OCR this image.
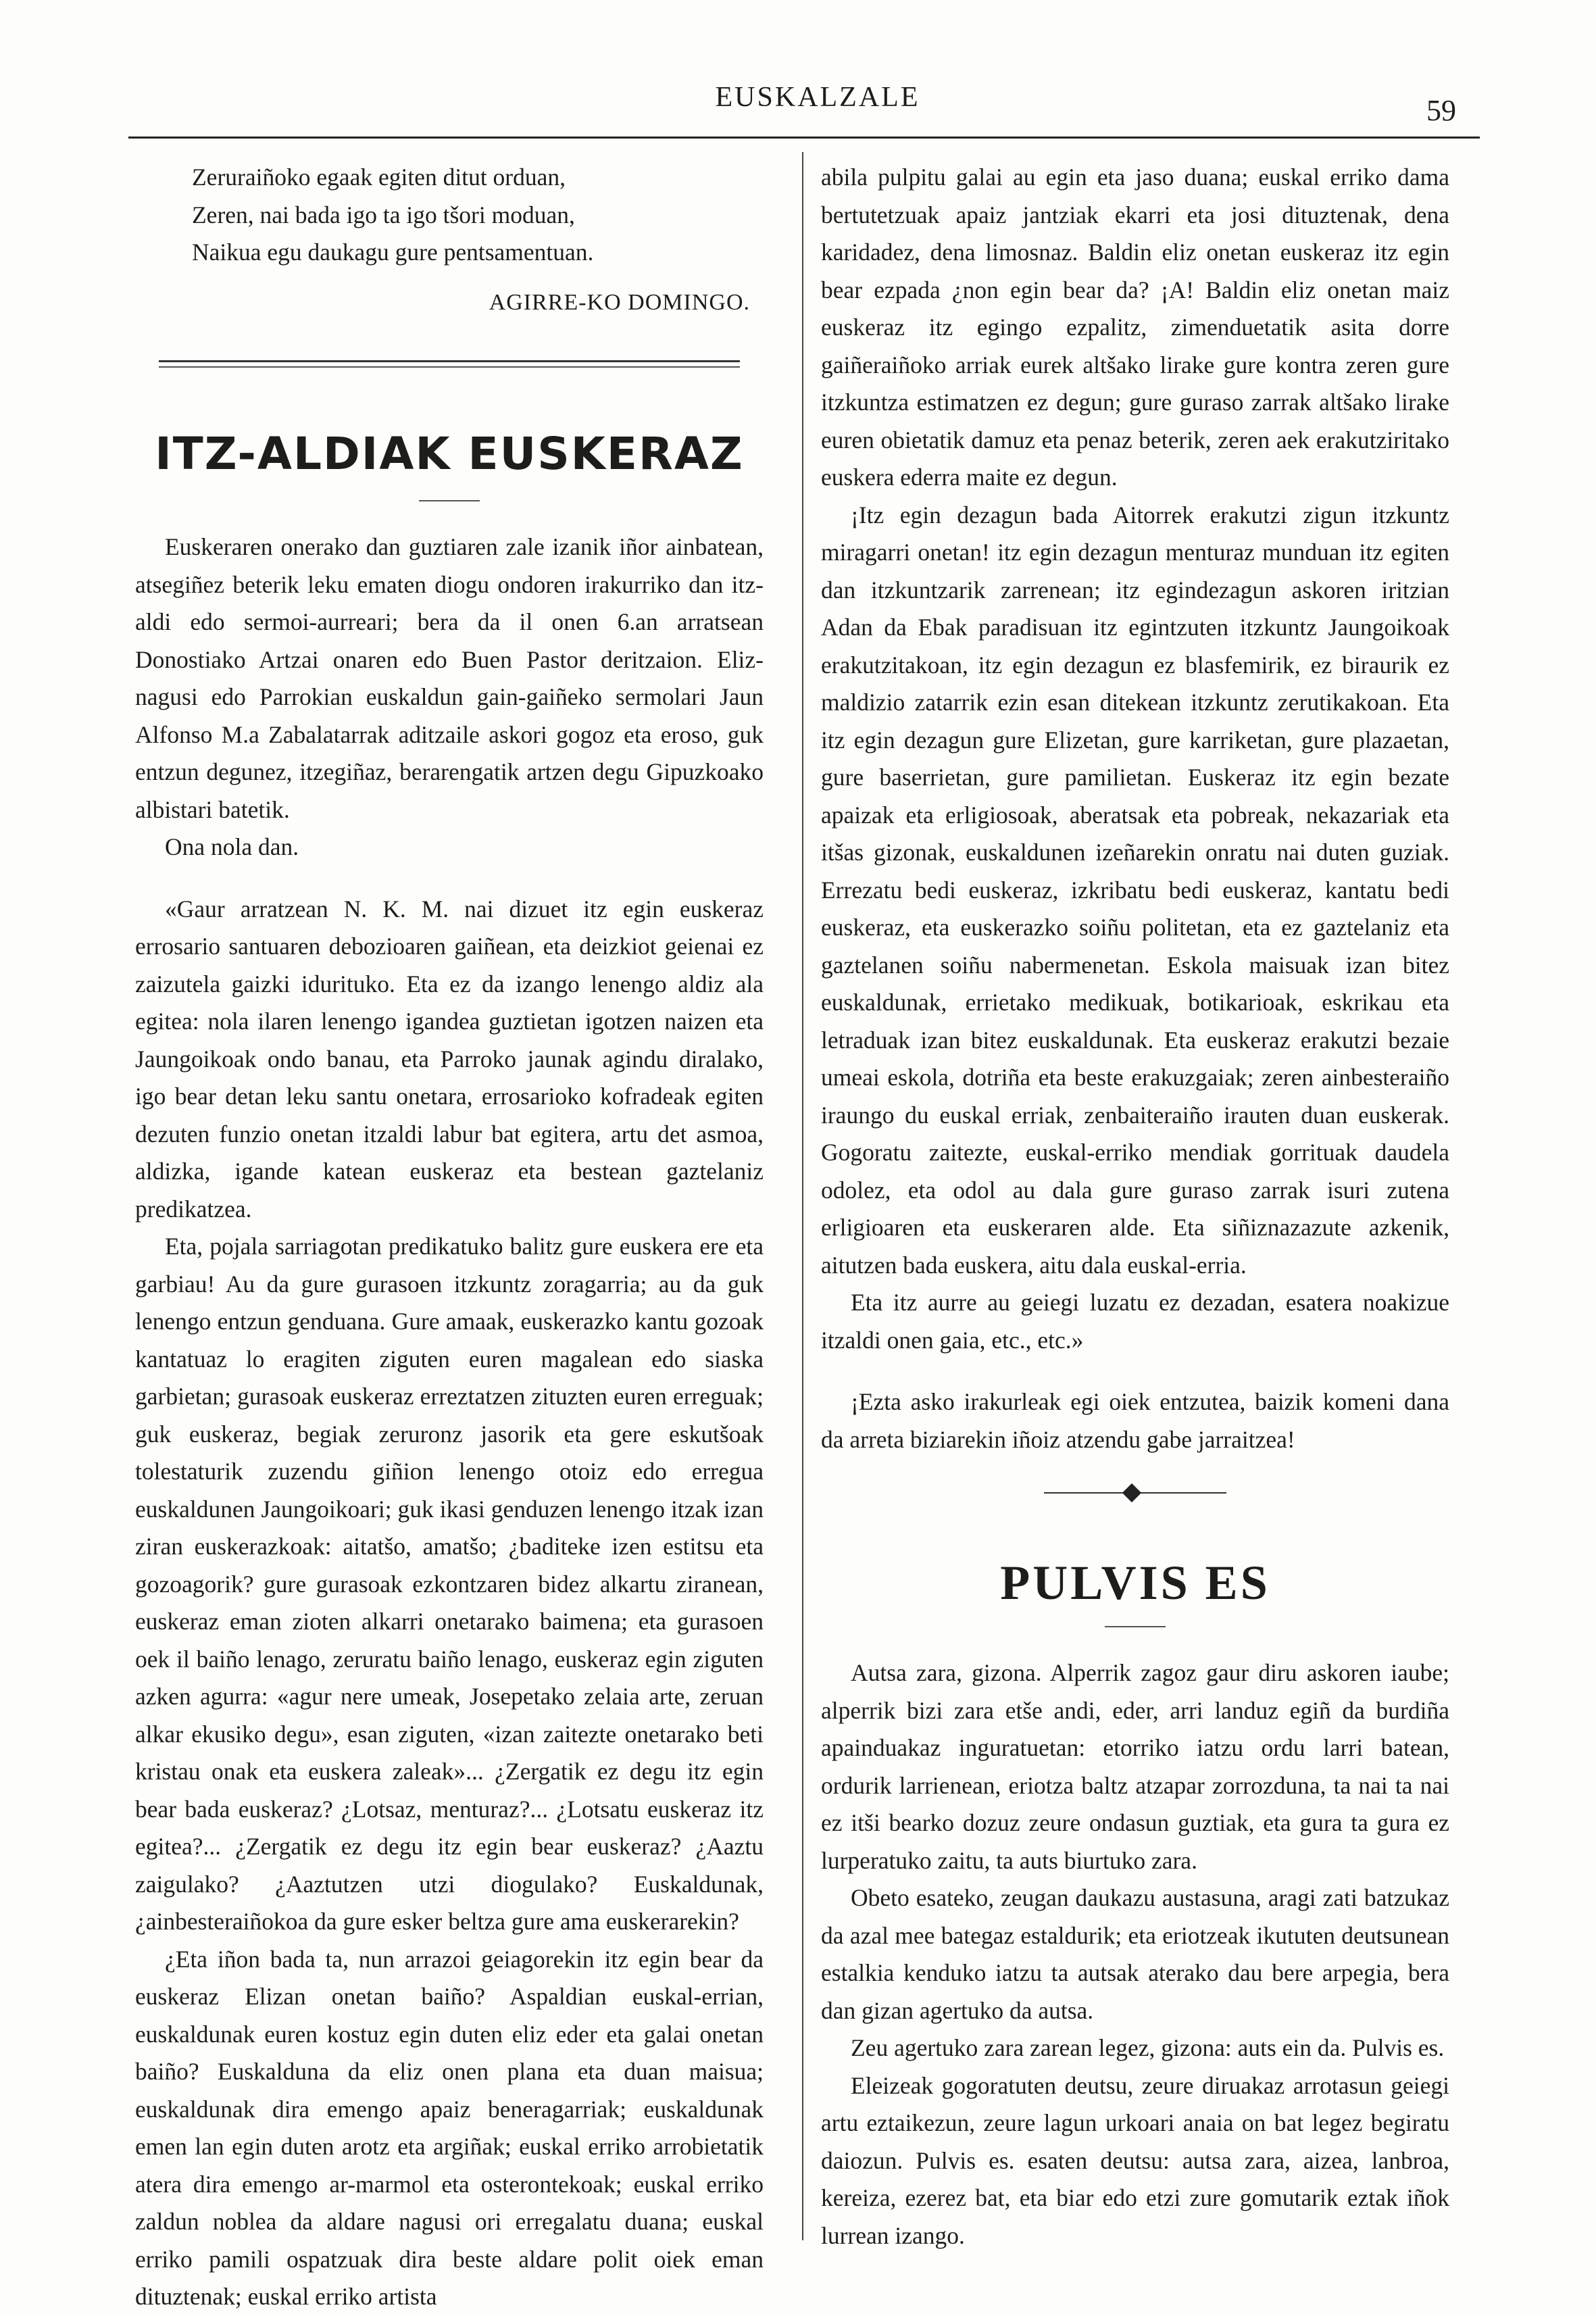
EUSKALZALE	59

Zeruraiñoko egaak egiten ditut orduan,

Zeren, nai bada igo ta igo tšori moduan,

Naikua egu daukagu gure pentsamentuan.

AGIRRE-KO DOMINGO.
ITZ-ALDIAK EUSKERAZ

Euskeraren onerako dan guztiaren zale izanik iñor ainbatean, atsegiñez beterik leku ematen diogu ondoren irakurriko dan itz-aldi edo sermoi-aurreari; bera da il onen 6.an arratsean Donostiako Artzai onaren edo Buen Pastor deritzaion. Eliz-nagusi edo Parrokian euskaldun gain-gaiñeko sermolari Jaun Alfonso M.a Zabalatarrak aditzaile askori gogoz eta eroso, guk entzun degunez, itzegiñaz, berarengatik artzen degu Gipuzkoako albistari batetik.

Ona nola dan.

«Gaur arratzean N. K. M. nai dizuet itz egin euskeraz errosario santuaren debozioaren gaiñean, eta deizkiot geienai ez zaizutela gaizki idurituko. Eta ez da izango lenengo aldiz ala egitea: nola ilaren lenengo igandea guztietan igotzen naizen eta Jaungoikoak ondo banau, eta Parroko jaunak agindu diralako, igo bear detan leku santu onetara, errosarioko kofradeak egiten dezuten funzio onetan itzaldi labur bat egitera, artu det asmoa, aldizka, igande katean euskeraz eta bestean gaztelaniz predikatzea.

Eta, pojala sarriagotan predikatuko balitz gure euskera ere eta garbiau! Au da gure gurasoen itzkuntz zoragarria; au da guk lenengo entzun genduana. Gure amaak, euskerazko kantu gozoak kantatuaz lo eragiten ziguten euren magalean edo siaska garbietan; gurasoak euskeraz erreztatzen zituzten euren erreguak; guk euskeraz, begiak zeruronz jasorik eta gere eskutšoak tolestaturik zuzendu giñion lenengo otoiz edo erregua euskaldunen Jaungoikoari; guk ikasi genduzen lenengo itzak izan ziran euskerazkoak: aitatšo, amatšo; ¿baditeke izen estitsu eta gozoagorik? gure gurasoak ezkontzaren bidez alkartu ziranean, euskeraz eman zioten alkarri onetarako baimena; eta gurasoen oek il baiño lenago, zeruratu baiño lenago, euskeraz egin ziguten azken agurra: «agur nere umeak, Josepetako zelaia arte, zeruan alkar ekusiko degu», esan ziguten, «izan zaitezte onetarako beti kristau onak eta euskera zaleak»... ¿Zergatik ez degu itz egin bear bada euskeraz? ¿Lotsaz, menturaz?... ¿Lotsatu euskeraz itz egitea?... ¿Zergatik ez degu itz egin bear euskeraz? ¿Aaztu zaigulako? ¿Aaztutzen utzi diogulako? Euskaldunak, ¿ainbesteraiñokoa da gure esker beltza gure ama euskerarekin?

¿Eta iñon bada ta, nun arrazoi geiagorekin itz egin bear da euskeraz Elizan onetan baiño? Aspaldian euskal-errian, euskaldunak euren kostuz egin duten eliz eder eta galai onetan baiño? Euskalduna da eliz onen plana eta duan maisua; euskaldunak dira emengo apaiz beneragarriak; euskaldunak emen lan egin duten arotz eta argiñak; euskal erriko arrobietatik atera dira emengo ar-marmol eta osterontekoak; euskal erriko zaldun noblea da aldare nagusi ori erregalatu duana; euskal erriko pamili ospatzuak dira beste aldare polit oiek eman dituztenak; euskal erriko artista

abila pulpitu galai au egin eta jaso duana; euskal erriko dama bertutetzuak apaiz jantziak ekarri eta josi dituztenak, dena karidadez, dena limosnaz. Baldin eliz onetan euskeraz itz egin bear ezpada ¿non egin bear da? ¡A! Baldin eliz onetan maiz euskeraz itz egingo ezpalitz, zimenduetatik asita dorre gaiñeraiñoko arriak eurek altšako lirake gure kontra zeren gure itzkuntza estimatzen ez degun; gure guraso zarrak altšako lirake euren obietatik damuz eta penaz beterik, zeren aek erakutziritako euskera ederra maite ez degun.

¡Itz egin dezagun bada Aitorrek erakutzi zigun itzkuntz miragarri onetan! itz egin dezagun menturaz munduan itz egiten dan itzkuntzarik zarrenean; itz egindezagun askoren iritzian Adan da Ebak paradisuan itz egintzuten itzkuntz Jaungoikoak erakutzitakoan, itz egin dezagun ez blasfemirik, ez biraurik ez maldizio zatarrik ezin esan ditekean itzkuntz zerutikakoan. Eta itz egin dezagun gure Elizetan, gure karriketan, gure plazaetan, gure baserrietan, gure pamilietan. Euskeraz itz egin bezate apaizak eta erligiosoak, aberatsak eta pobreak, nekazariak eta itšas gizonak, euskaldunen izeñarekin onratu nai duten guziak. Errezatu bedi euskeraz, izkribatu bedi euskeraz, kantatu bedi euskeraz, eta euskerazko soiñu politetan, eta ez gaztelaniz eta gaztelanen soiñu nabermenetan. Eskola maisuak izan bitez euskaldunak, errietako medikuak, botikarioak, eskrikau eta letraduak izan bitez euskaldunak. Eta euskeraz erakutzi bezaie umeai eskola, dotriña eta beste erakuzgaiak; zeren ainbesteraiño iraungo du euskal erriak, zenbaiteraiño irauten duan euskerak. Gogoratu zaitezte, euskal-erriko mendiak gorrituak daudela odolez, eta odol au dala gure guraso zarrak isuri zutena erligioaren eta euskeraren alde. Eta siñiznazazute azkenik, aitutzen bada euskera, aitu dala euskal-erria.

Eta itz aurre au geiegi luzatu ez dezadan, esatera noakizue itzaldi onen gaia, etc., etc.»

¡Ezta asko irakurleak egi oiek entzutea, baizik komeni dana da arreta biziarekin iñoiz atzendu gabe jarraitzea!

PULVIS ES

Autsa zara, gizona. Alperrik zagoz gaur diru askoren iaube; alperrik bizi zara etše andi, eder, arri landuz egiñ da burdiña apainduakaz inguratuetan: etorriko iatzu ordu larri batean, ordurik larrienean, eriotza baltz atzapar zorrozduna, ta nai ta nai ez itši bearko dozuz zeure ondasun guztiak, eta gura ta gura ez lurperatuko zaitu, ta auts biurtuko zara.

Obeto esateko, zeugan daukazu austasuna, aragi zati batzukaz da azal mee bategaz estaldurik; eta eriotzeak ikututen deutsunean estalkia kenduko iatzu ta autsak aterako dau bere arpegia, bera dan gizan agertuko da autsa.

Zeu agertuko zara zarean legez, gizona: auts ein da. Pulvis es.

Eleizeak gogoratuten deutsu, zeure diruakaz arrotasun geiegi artu eztaikezun, zeure lagun urkoari anaia on bat legez begiratu daiozun. Pulvis es. esaten deutsu: autsa zara, aizea, lanbroa, kereiza, ezerez bat, eta biar edo etzi zure gomutarik eztak iñok lurrean izango.
